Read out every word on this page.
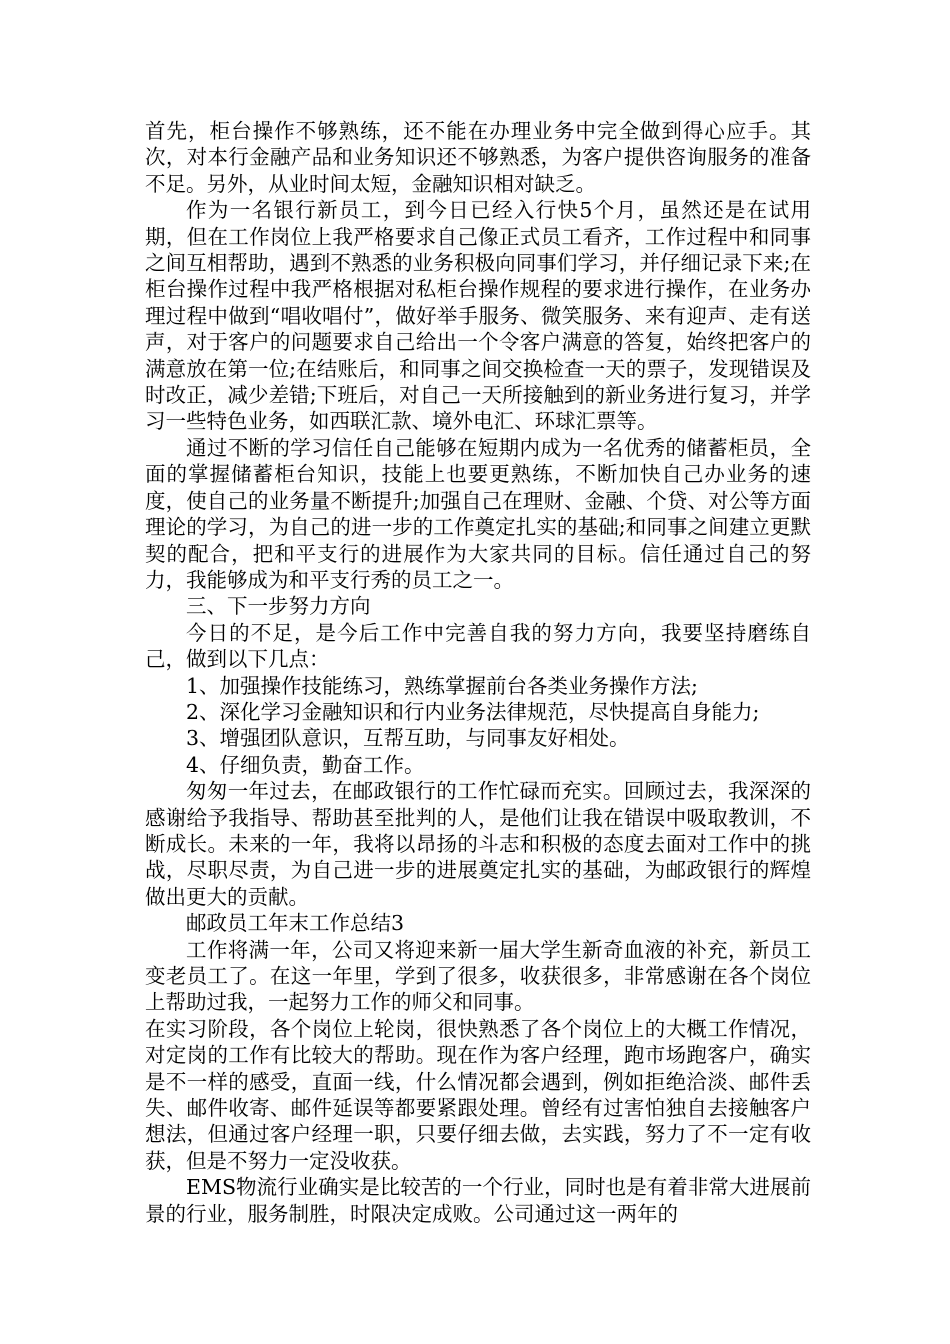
首先，柜台操作不够熟练，还不能在办理业务中完全做到得心应手。其次，对本行金融产品和业务知识还不够熟悉，为客户提供咨询服务的准备不足。另外，从业时间太短，金融知识相对缺乏。

作为一名银行新员工，到今日已经入行快5个月，虽然还是在试用期，但在工作岗位上我严格要求自己像正式员工看齐，工作过程中和同事之间互相帮助，遇到不熟悉的业务积极向同事们学习，并仔细记录下来;在柜台操作过程中我严格根据对私柜台操作规程的要求进行操作，在业务办理过程中做到“唱收唱付”，做好举手服务、微笑服务、来有迎声、走有送声，对于客户的问题要求自己给出一个令客户满意的答复，始终把客户的满意放在第一位;在结账后，和同事之间交换检查一天的票子，发现错误及时改正，减少差错;下班后，对自己一天所接触到的新业务进行复习，并学习一些特色业务，如西联汇款、境外电汇、环球汇票等。

通过不断的学习信任自己能够在短期内成为一名优秀的储蓄柜员，全面的掌握储蓄柜台知识，技能上也要更熟练，不断加快自己办业务的速度，使自己的业务量不断提升;加强自己在理财、金融、个贷、对公等方面理论的学习，为自己的进一步的工作奠定扎实的基础;和同事之间建立更默契的配合，把和平支行的进展作为大家共同的目标。信任通过自己的努力，我能够成为和平支行秀的员工之一。

三、下一步努力方向

今日的不足，是今后工作中完善自我的努力方向，我要坚持磨练自己，做到以下几点：

1、加强操作技能练习，熟练掌握前台各类业务操作方法;

2、深化学习金融知识和行内业务法律规范，尽快提高自身能力;

3、增强团队意识，互帮互助，与同事友好相处。

4、仔细负责，勤奋工作。

匆匆一年过去，在邮政银行的工作忙碌而充实。回顾过去，我深深的感谢给予我指导、帮助甚至批判的人，是他们让我在错误中吸取教训，不断成长。未来的一年，我将以昂扬的斗志和积极的态度去面对工作中的挑战，尽职尽责，为自己进一步的进展奠定扎实的基础，为邮政银行的辉煌做出更大的贡献。

邮政员工年末工作总结3

工作将满一年，公司又将迎来新一届大学生新奇血液的补充，新员工变老员工了。在这一年里，学到了很多，收获很多，非常感谢在各个岗位上帮助过我，一起努力工作的师父和同事。

在实习阶段，各个岗位上轮岗，很快熟悉了各个岗位上的大概工作情况，对定岗的工作有比较大的帮助。现在作为客户经理，跑市场跑客户，确实是不一样的感受，直面一线，什么情况都会遇到，例如拒绝洽淡、邮件丢失、邮件收寄、邮件延误等都要紧跟处理。曾经有过害怕独自去接触客户想法，但通过客户经理一职，只要仔细去做，去实践，努力了不一定有收获，但是不努力一定没收获。

EMS物流行业确实是比较苦的一个行业，同时也是有着非常大进展前景的行业，服务制胜，时限决定成败。公司通过这一两年的
